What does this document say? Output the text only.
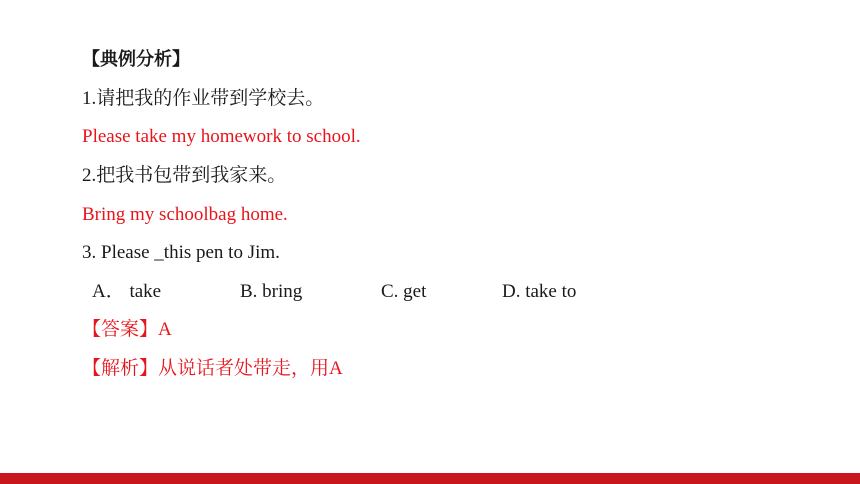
【典例分析】
1.请把我的作业带到学校去。
Please take my homework to school.
2.把我书包带到我家来。
Bring my schoolbag home.
3. Please _this pen to Jim.
A． take	B. bring	C. get	D. take to
【答案】A
【解析】从说话者处带走，用A
